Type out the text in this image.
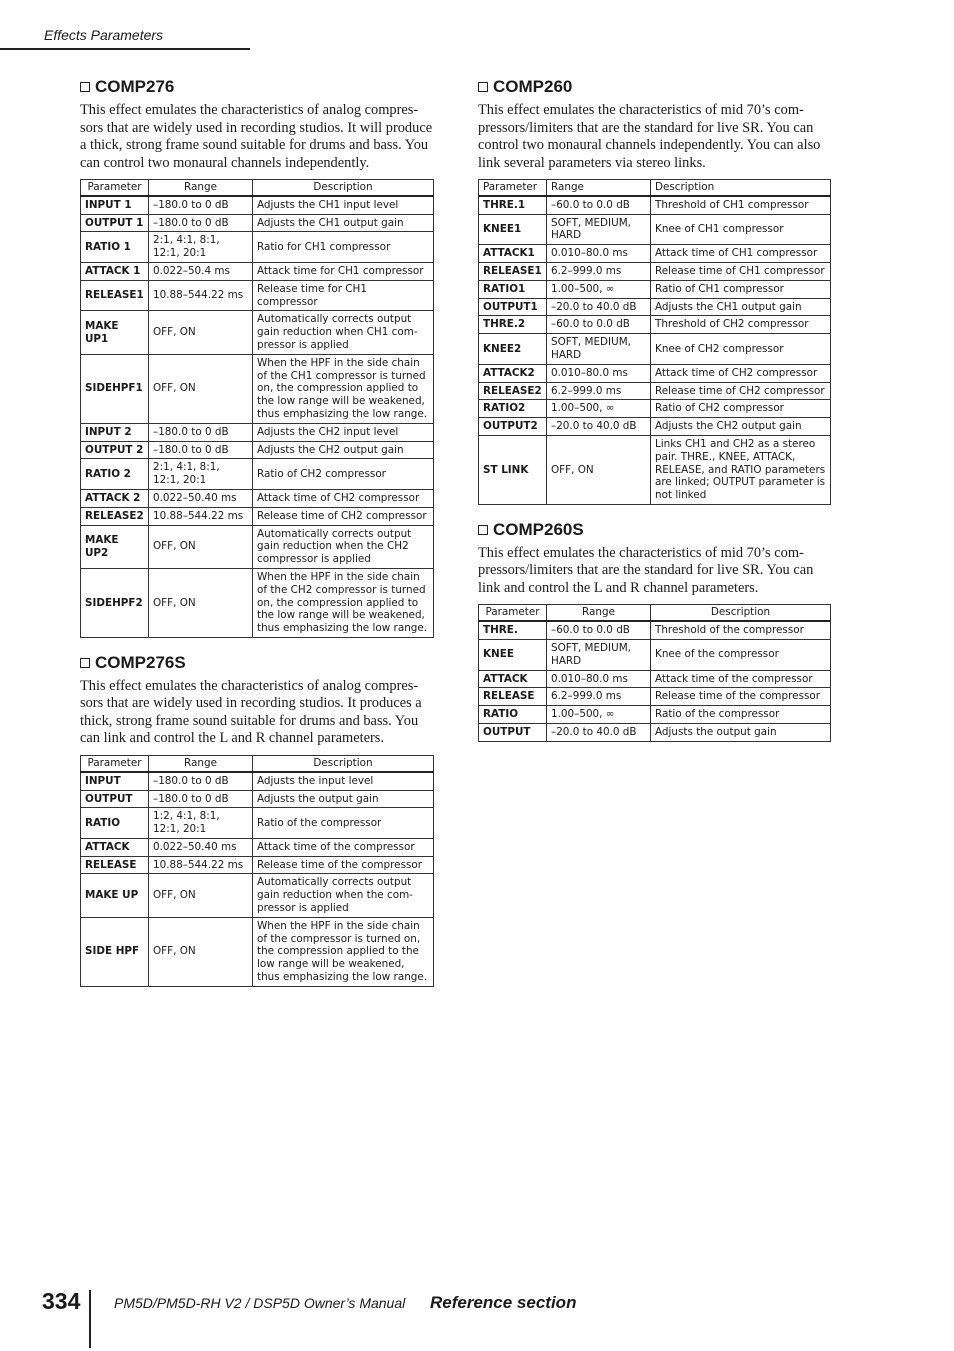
Effects Parameters
COMP276

This effect emulates the characteristics of analog compres-sors that are widely used in recording studios. It will produce a thick, strong frame sound suitable for drums and bass. You can control two monaural channels independently.

Parameter	Range	Description
INPUT 1	–180.0 to 0 dB	Adjusts the CH1 input level
OUTPUT 1	–180.0 to 0 dB	Adjusts the CH1 output gain
RATIO 1	2:1, 4:1, 8:1, 12:1, 20:1	Ratio for CH1 compressor
ATTACK 1	0.022–50.4 ms	Attack time for CH1 compressor
RELEASE1	10.88–544.22 ms	Release time for CH1 compressor
MAKE UP1	OFF, ON	Automatically corrects output gain reduction when CH1 com-pressor is applied
SIDEHPF1	OFF, ON	When the HPF in the side chain of the CH1 compressor is turned on, the compression applied to the low range will be weakened, thus emphasizing the low range.
INPUT 2	–180.0 to 0 dB	Adjusts the CH2 input level
OUTPUT 2	–180.0 to 0 dB	Adjusts the CH2 output gain
RATIO 2	2:1, 4:1, 8:1, 12:1, 20:1	Ratio of CH2 compressor
ATTACK 2	0.022–50.40 ms	Attack time of CH2 compressor
RELEASE2	10.88–544.22 ms	Release time of CH2 compressor
MAKE UP2	OFF, ON	Automatically corrects output gain reduction when the CH2 compressor is applied
SIDEHPF2	OFF, ON	When the HPF in the side chain of the CH2 compressor is turned on, the compression applied to the low range will be weakened, thus emphasizing the low range.
COMP276S

This effect emulates the characteristics of analog compres-sors that are widely used in recording studios. It produces a thick, strong frame sound suitable for drums and bass. You can link and control the L and R channel parameters.

Parameter	Range	Description
INPUT	–180.0 to 0 dB	Adjusts the input level
OUTPUT	–180.0 to 0 dB	Adjusts the output gain
RATIO	1:2, 4:1, 8:1, 12:1, 20:1	Ratio of the compressor
ATTACK	0.022–50.40 ms	Attack time of the compressor
RELEASE	10.88–544.22 ms	Release time of the compressor
MAKE UP	OFF, ON	Automatically corrects output gain reduction when the com-pressor is applied
SIDE HPF	OFF, ON	When the HPF in the side chain of the compressor is turned on, the compression applied to the low range will be weakened, thus emphasizing the low range.
COMP260

This effect emulates the characteristics of mid 70’s com-pressors/limiters that are the standard for live SR. You can control two monaural channels independently. You can also link several parameters via stereo links.

Parameter	Range	Description
THRE.1	–60.0 to 0.0 dB	Threshold of CH1 compressor
KNEE1	SOFT, MEDIUM, HARD	Knee of CH1 compressor
ATTACK1	0.010–80.0 ms	Attack time of CH1 compressor
RELEASE1	6.2–999.0 ms	Release time of CH1 compressor
RATIO1	1.00–500, ∞	Ratio of CH1 compressor
OUTPUT1	–20.0 to 40.0 dB	Adjusts the CH1 output gain
THRE.2	–60.0 to 0.0 dB	Threshold of CH2 compressor
KNEE2	SOFT, MEDIUM, HARD	Knee of CH2 compressor
ATTACK2	0.010–80.0 ms	Attack time of CH2 compressor
RELEASE2	6.2–999.0 ms	Release time of CH2 compressor
RATIO2	1.00–500, ∞	Ratio of CH2 compressor
OUTPUT2	–20.0 to 40.0 dB	Adjusts the CH2 output gain
ST LINK	OFF, ON	Links CH1 and CH2 as a stereo pair. THRE., KNEE, ATTACK, RELEASE, and RATIO parameters are linked; OUTPUT parameter is not linked
COMP260S

This effect emulates the characteristics of mid 70’s com-pressors/limiters that are the standard for live SR. You can link and control the L and R channel parameters.

Parameter	Range	Description
THRE.	–60.0 to 0.0 dB	Threshold of the compressor
KNEE	SOFT, MEDIUM, HARD	Knee of the compressor
ATTACK	0.010–80.0 ms	Attack time of the compressor
RELEASE	6.2–999.0 ms	Release time of the compressor
RATIO	1.00–500, ∞	Ratio of the compressor
OUTPUT	–20.0 to 40.0 dB	Adjusts the output gain
334 PM5D/PM5D-RH V2 / DSP5D Owner’s Manual Reference section
